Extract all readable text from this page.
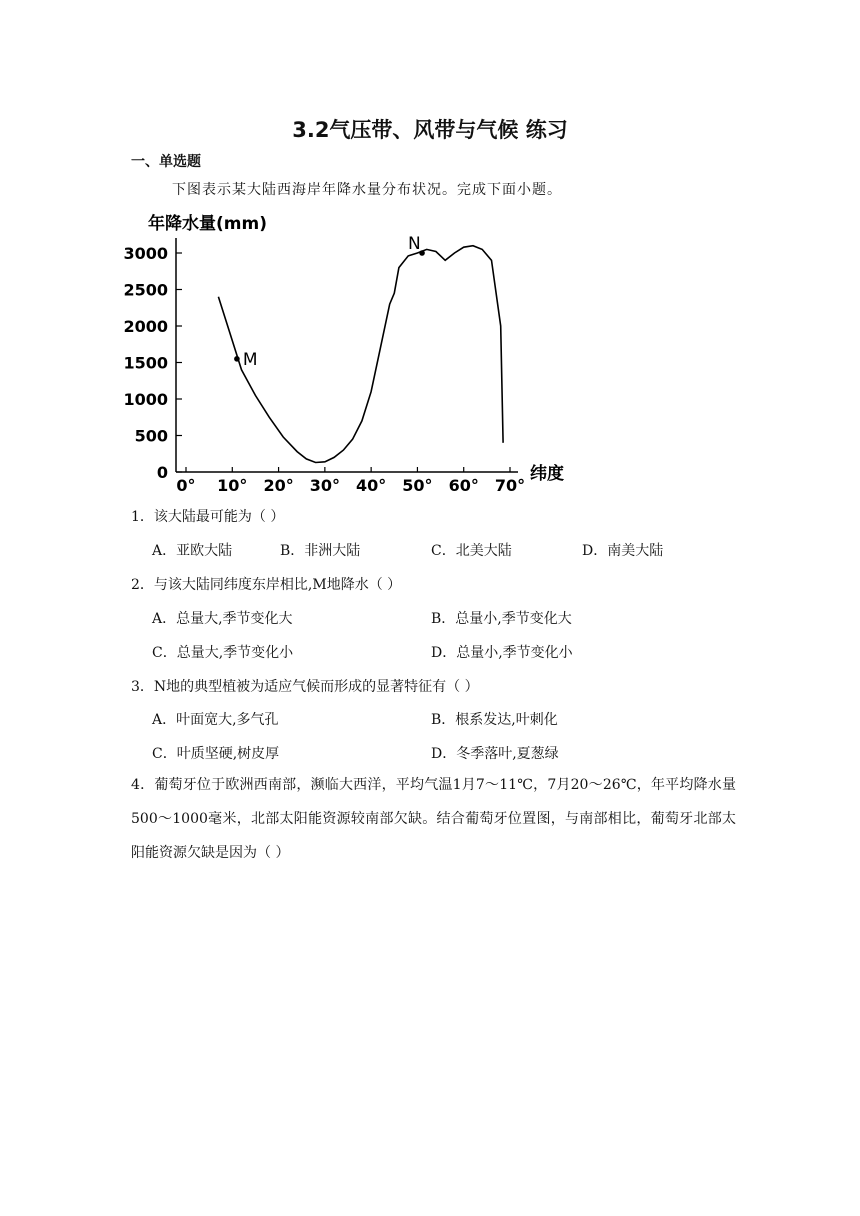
3.2气压带、风带与气候 练习
一、单选题
下图表示某大陆西海岸年降水量分布状况。完成下面小题。
年降水量(mm)
0
500
1000
1500
2000
2500
3000
0° 10° 20° 30° 40° 50° 60° 70°
M
N
纬度
1．该大陆最可能为（ ）
A．亚欧大陆	B．非洲大陆	C．北美大陆	D．南美大陆
2．与该大陆同纬度东岸相比,M地降水（ ）
A．总量大,季节变化大	B．总量小,季节变化大
C．总量大,季节变化小	D．总量小,季节变化小
3．N地的典型植被为适应气候而形成的显著特征有（ ）
A．叶面宽大,多气孔	B．根系发达,叶刺化
C．叶质坚硬,树皮厚	D．冬季落叶,夏葱绿
4．葡萄牙位于欧洲西南部，濒临大西洋，平均气温1月7～11℃，7月20～26℃，年平均降水量500～1000毫米，北部太阳能资源较南部欠缺。结合葡萄牙位置图，与南部相比，葡萄牙北部太阳能资源欠缺是因为（ ）
